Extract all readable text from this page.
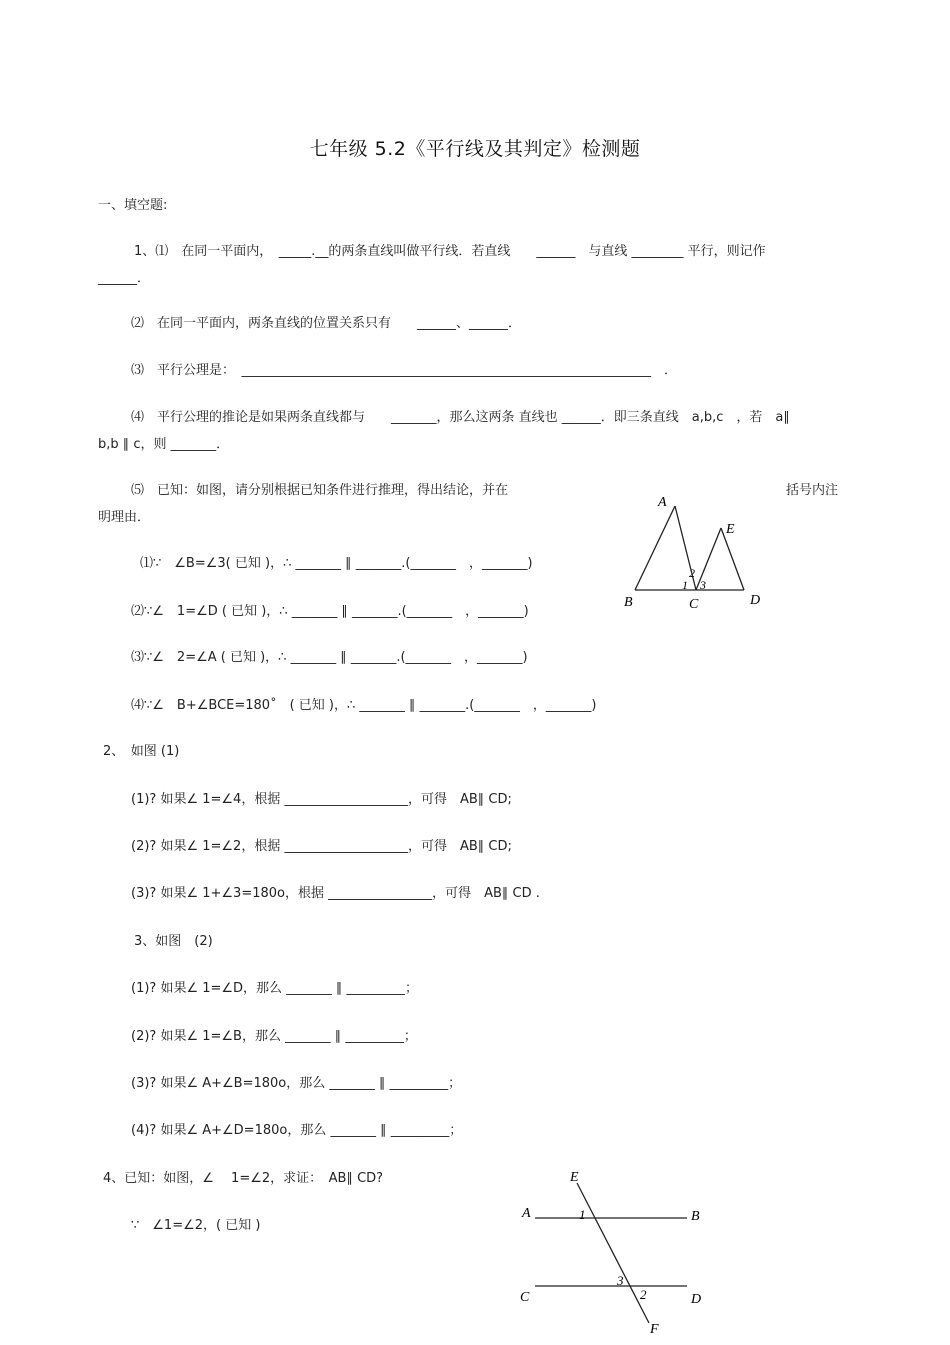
七年级 5.2《平行线及其判定》检测题
一、填空题:
1、⑴　在同一平面内，　_____.__的两条直线叫做平行线．若直线　　______　与直线 ________ 平行，则记作
______．
⑵　在同一平面内，两条直线的位置关系只有　　______、______．
⑶　平行公理是：　_______________________________________________________________　．
⑷　平行公理的推论是如果两条直线都与　　_______，那么这两条 直线也 ______．即三条直线　a,b,c　，若　a∥
b,b ∥ c，则 _______．
⑸　已知：如图，请分别根据已知条件进行推理，得出结论，并在	括号内注
明理由．
⑴∵　∠B=∠3( 已知 )，∴ _______ ∥ _______.(_______　，_______)
⑵∵∠　1=∠D ( 已知 )，∴ _______ ∥ _______.(_______　，_______)
⑶∵∠　2=∠A ( 已知 )，∴ _______ ∥ _______.(_______　，_______)
⑷∵∠　B+∠BCE=180˚　( 已知 )，∴ _______ ∥ _______.(_______　，_______)
2、　如图 (1)
(1)? 如果∠ 1=∠4，根据 ___________________，可得　AB∥ CD;
(2)? 如果∠ 1=∠2，根据 ___________________，可得　AB∥ CD;
(3)? 如果∠ 1+∠3=180o，根据 ________________，可得　AB∥ CD .
3、如图　(2)
(1)? 如果∠ 1=∠D，那么 _______ ∥ _________；
(2)? 如果∠ 1=∠B，那么 _______ ∥ _________；
(3)? 如果∠ A+∠B=180o，那么 _______ ∥ _________；
(4)? 如果∠ A+∠D=180o，那么 _______ ∥ _________；
4、已知：如图，∠　 1=∠2，求证：　AB∥ CD?
∵　∠1=∠2，( 已知 )
A
E
B	C	D
2
1 3
E
A	B
C	D
F
1
3
2
